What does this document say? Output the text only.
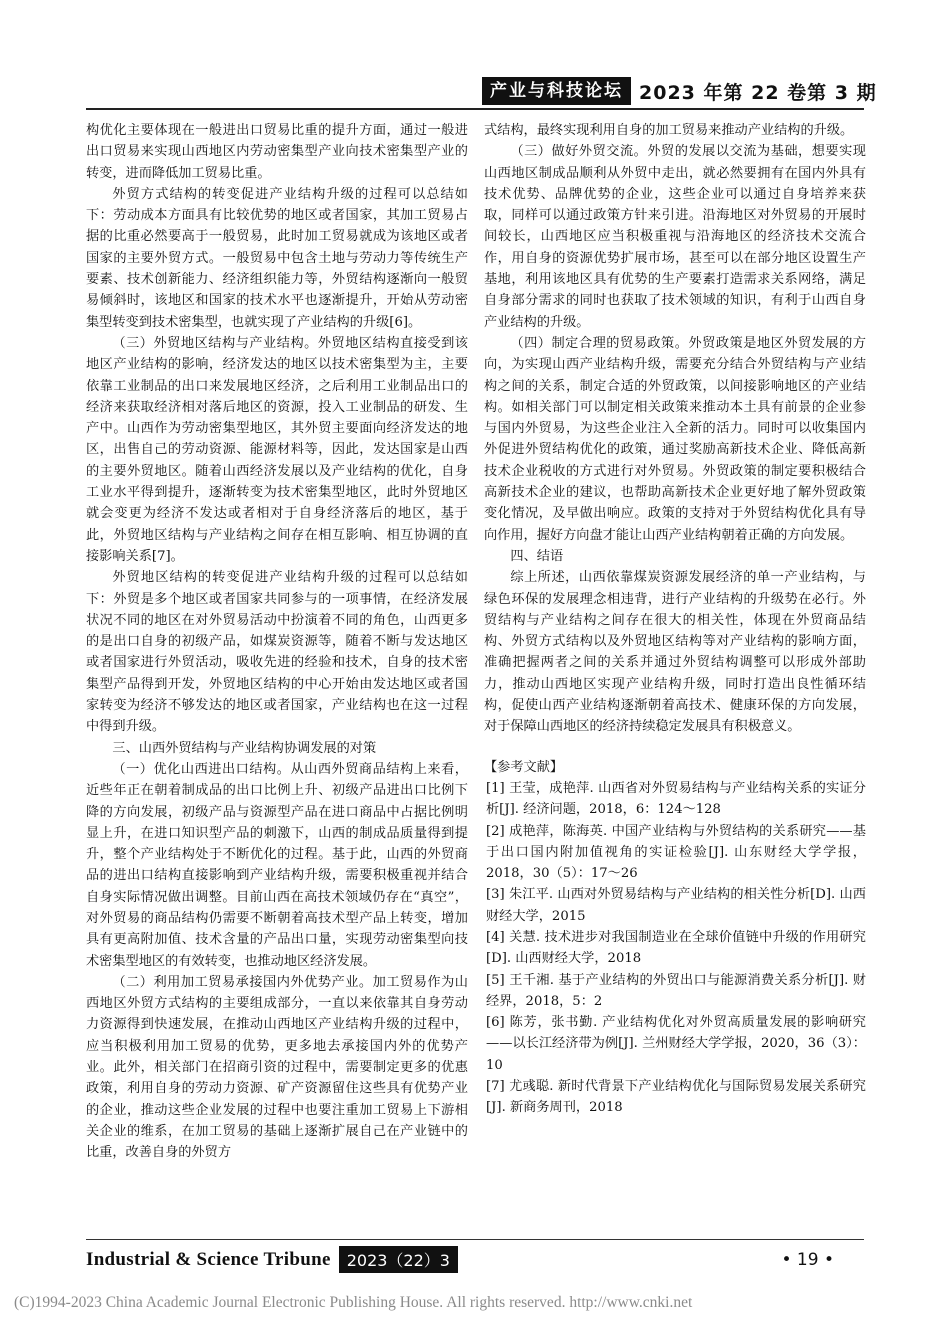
产业与科技论坛 2023 年第 22 卷第 3 期

构优化主要体现在一般进出口贸易比重的提升方面，通过一般进出口贸易来实现山西地区内劳动密集型产业向技术密集型产业的转变，进而降低加工贸易比重。

外贸方式结构的转变促进产业结构升级的过程可以总结如下：劳动成本方面具有比较优势的地区或者国家，其加工贸易占据的比重必然要高于一般贸易，此时加工贸易就成为该地区或者国家的主要外贸方式。一般贸易中包含土地与劳动力等传统生产要素、技术创新能力、经济组织能力等，外贸结构逐渐向一般贸易倾斜时，该地区和国家的技术水平也逐渐提升，开始从劳动密集型转变到技术密集型，也就实现了产业结构的升级[6]。

（三）外贸地区结构与产业结构。外贸地区结构直接受到该地区产业结构的影响，经济发达的地区以技术密集型为主，主要依靠工业制品的出口来发展地区经济，之后利用工业制品出口的经济来获取经济相对落后地区的资源，投入工业制品的研发、生产中。山西作为劳动密集型地区，其外贸主要面向经济发达的地区，出售自己的劳动资源、能源材料等，因此，发达国家是山西的主要外贸地区。随着山西经济发展以及产业结构的优化，自身工业水平得到提升，逐渐转变为技术密集型地区，此时外贸地区就会变更为经济不发达或者相对于自身经济落后的地区，基于此，外贸地区结构与产业结构之间存在相互影响、相互协调的直接影响关系[7]。

外贸地区结构的转变促进产业结构升级的过程可以总结如下：外贸是多个地区或者国家共同参与的一项事情，在经济发展状况不同的地区在对外贸易活动中扮演着不同的角色，山西更多的是出口自身的初级产品，如煤炭资源等，随着不断与发达地区或者国家进行外贸活动，吸收先进的经验和技术，自身的技术密集型产品得到开发，外贸地区结构的中心开始由发达地区或者国家转变为经济不够发达的地区或者国家，产业结构也在这一过程中得到升级。

三、山西外贸结构与产业结构协调发展的对策

（一）优化山西进出口结构。从山西外贸商品结构上来看，近些年正在朝着制成品的出口比例上升、初级产品进出口比例下降的方向发展，初级产品与资源型产品在进口商品中占据比例明显上升，在进口知识型产品的刺激下，山西的制成品质量得到提升，整个产业结构处于不断优化的过程。基于此，山西的外贸商品的进出口结构直接影响到产业结构升级，需要积极重视并结合自身实际情况做出调整。目前山西在高技术领域仍存在“真空”，对外贸易的商品结构仍需要不断朝着高技术型产品上转变，增加具有更高附加值、技术含量的产品出口量，实现劳动密集型向技术密集型地区的有效转变，也推动地区经济发展。

（二）利用加工贸易承接国内外优势产业。加工贸易作为山西地区外贸方式结构的主要组成部分，一直以来依靠其自身劳动力资源得到快速发展，在推动山西地区产业结构升级的过程中，应当积极利用加工贸易的优势，更多地去承接国内外的优势产业。此外，相关部门在招商引资的过程中，需要制定更多的优惠政策，利用自身的劳动力资源、矿产资源留住这些具有优势产业的企业，推动这些企业发展的过程中也要注重加工贸易上下游相关企业的维系，在加工贸易的基础上逐渐扩展自己在产业链中的比重，改善自身的外贸方

式结构，最终实现利用自身的加工贸易来推动产业结构的升级。

（三）做好外贸交流。外贸的发展以交流为基础，想要实现山西地区制成品顺利从外贸中走出，就必然要拥有在国内外具有技术优势、品牌优势的企业，这些企业可以通过自身培养来获取，同样可以通过政策方针来引进。沿海地区对外贸易的开展时间较长，山西地区应当积极重视与沿海地区的经济技术交流合作，用自身的资源优势扩展市场，甚至可以在部分地区设置生产基地，利用该地区具有优势的生产要素打造需求关系网络，满足自身部分需求的同时也获取了技术领域的知识，有利于山西自身产业结构的升级。

（四）制定合理的贸易政策。外贸政策是地区外贸发展的方向，为实现山西产业结构升级，需要充分结合外贸结构与产业结构之间的关系，制定合适的外贸政策，以间接影响地区的产业结构。如相关部门可以制定相关政策来推动本土具有前景的企业参与国内外贸易，为这些企业注入全新的活力。同时可以收集国内外促进外贸结构优化的政策，通过奖励高新技术企业、降低高新技术企业税收的方式进行对外贸易。外贸政策的制定要积极结合高新技术企业的建议，也帮助高新技术企业更好地了解外贸政策变化情况，及早做出响应。政策的支持对于外贸结构优化具有导向作用，握好方向盘才能让山西产业结构朝着正确的方向发展。

四、结语

综上所述，山西依靠煤炭资源发展经济的单一产业结构，与绿色环保的发展理念相违背，进行产业结构的升级势在必行。外贸结构与产业结构之间存在很大的相关性，体现在外贸商品结构、外贸方式结构以及外贸地区结构等对产业结构的影响方面，准确把握两者之间的关系并通过外贸结构调整可以形成外部助力，推动山西地区实现产业结构升级，同时打造出良性循环结构，促使山西产业结构逐渐朝着高技术、健康环保的方向发展，对于保障山西地区的经济持续稳定发展具有积极意义。

【参考文献】

[1] 王莹，成艳萍. 山西省对外贸易结构与产业结构关系的实证分析[J]. 经济问题，2018，6：124～128

[2] 成艳萍，陈海英. 中国产业结构与外贸结构的关系研究——基于出口国内附加值视角的实证检验[J]. 山东财经大学学报，2018，30（5）：17～26

[3] 朱江平. 山西对外贸易结构与产业结构的相关性分析[D]. 山西财经大学，2015

[4] 关慧. 技术进步对我国制造业在全球价值链中升级的作用研究[D]. 山西财经大学，2018

[5] 王千湘. 基于产业结构的外贸出口与能源消费关系分析[J]. 财经界，2018，5：2

[6] 陈芳，张书勤. 产业结构优化对外贸高质量发展的影响研究——以长江经济带为例[J]. 兰州财经大学学报，2020，36（3）：10

[7] 尤彧聪. 新时代背景下产业结构优化与国际贸易发展关系研究[J]. 新商务周刊，2018

Industrial & Science Tribune	2023（22）3	• 19 •
(C)1994-2023 China Academic Journal Electronic Publishing House. All rights reserved. http://www.cnki.net
